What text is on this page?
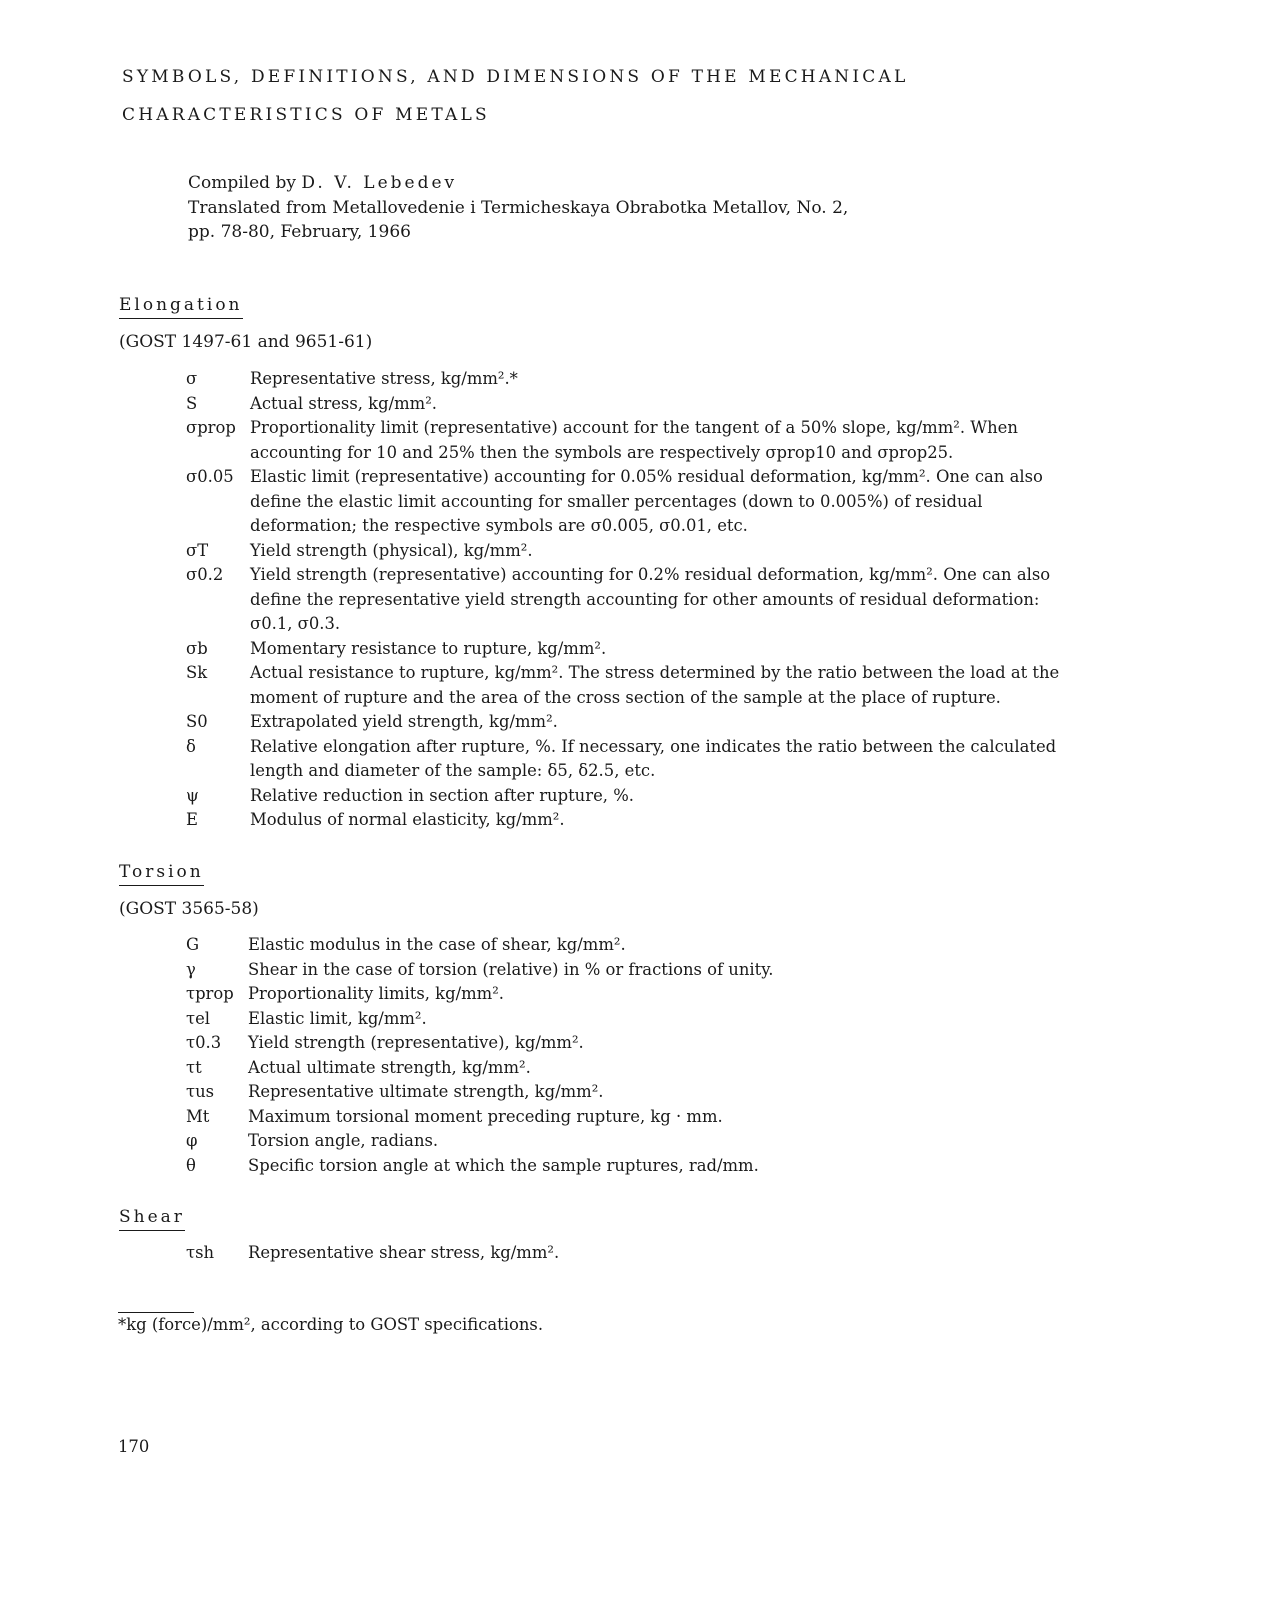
SYMBOLS, DEFINITIONS, AND DIMENSIONS OF THE MECHANICAL
CHARACTERISTICS OF METALS
Compiled by D. V. Lebedev
Translated from Metallovedenie i Termicheskaya Obrabotka Metallov, No. 2,
pp. 78-80, February, 1966
Elongation
(GOST 1497-61 and 9651-61)
σ	Representative stress, kg/mm².*
S	Actual stress, kg/mm².
σprop Proportionality limit (representative) account for the tangent of a 50% slope, kg/mm². When accounting for 10 and 25% then the symbols are respectively σprop10 and σprop25.
σ0.05 Elastic limit (representative) accounting for 0.05% residual deformation, kg/mm². One can also define the elastic limit accounting for smaller percentages (down to 0.005%) of residual deformation; the respective symbols are σ0.005, σ0.01, etc.
σT	Yield strength (physical), kg/mm².
σ0.2	Yield strength (representative) accounting for 0.2% residual deformation, kg/mm². One can also define the representative yield strength accounting for other amounts of residual deformation: σ0.1, σ0.3.
σb	Momentary resistance to rupture, kg/mm².
Sk	Actual resistance to rupture, kg/mm². The stress determined by the ratio between the load at the moment of rupture and the area of the cross section of the sample at the place of rupture.
S0	Extrapolated yield strength, kg/mm².
δ	Relative elongation after rupture, %. If necessary, one indicates the ratio between the calculated length and diameter of the sample: δ5, δ2.5, etc.
ψ	Relative reduction in section after rupture, %.
E	Modulus of normal elasticity, kg/mm².
Torsion
(GOST 3565-58)
G	Elastic modulus in the case of shear, kg/mm².
γ	Shear in the case of torsion (relative) in % or fractions of unity.
τprop Proportionality limits, kg/mm².
τel	Elastic limit, kg/mm².
τ0.3	Yield strength (representative), kg/mm².
τt	Actual ultimate strength, kg/mm².
τus	Representative ultimate strength, kg/mm².
Mt	Maximum torsional moment preceding rupture, kg · mm.
φ	Torsion angle, radians.
θ	Specific torsion angle at which the sample ruptures, rad/mm.
Shear
τsh	Representative shear stress, kg/mm².
*kg (force)/mm², according to GOST specifications.
170
